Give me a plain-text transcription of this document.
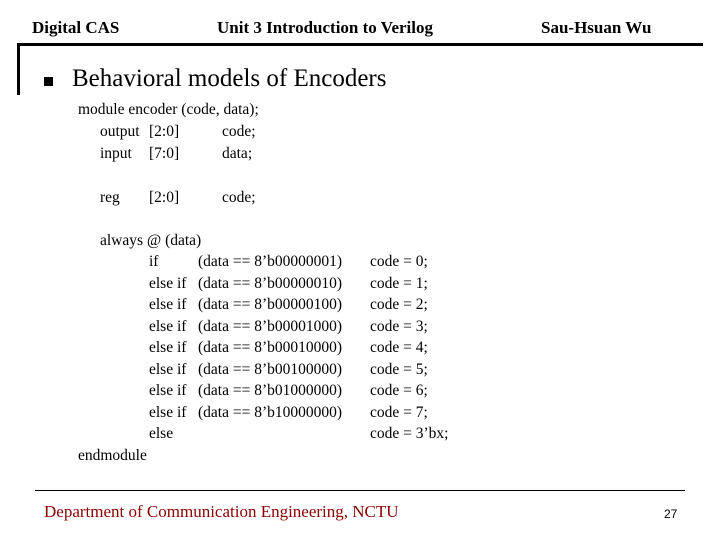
Digital CAS	Unit 3 Introduction to Verilog	Sau-Hsuan Wu
Behavioral models of Encoders
module encoder (code, data);
output [2:0]	code;
input [7:0]	data;
reg [2:0]	code;
always @ (data)
if	(data == 8’b00000001) code = 0;
else if (data == 8’b00000010) code = 1;
else if (data == 8’b00000100) code = 2;
else if (data == 8’b00001000) code = 3;
else if (data == 8’b00010000) code = 4;
else if (data == 8’b00100000) code = 5;
else if (data == 8’b01000000) code = 6;
else if (data == 8’b10000000) code = 7;
else	code = 3’bx;
endmodule
Department of Communication Engineering, NCTU	27
